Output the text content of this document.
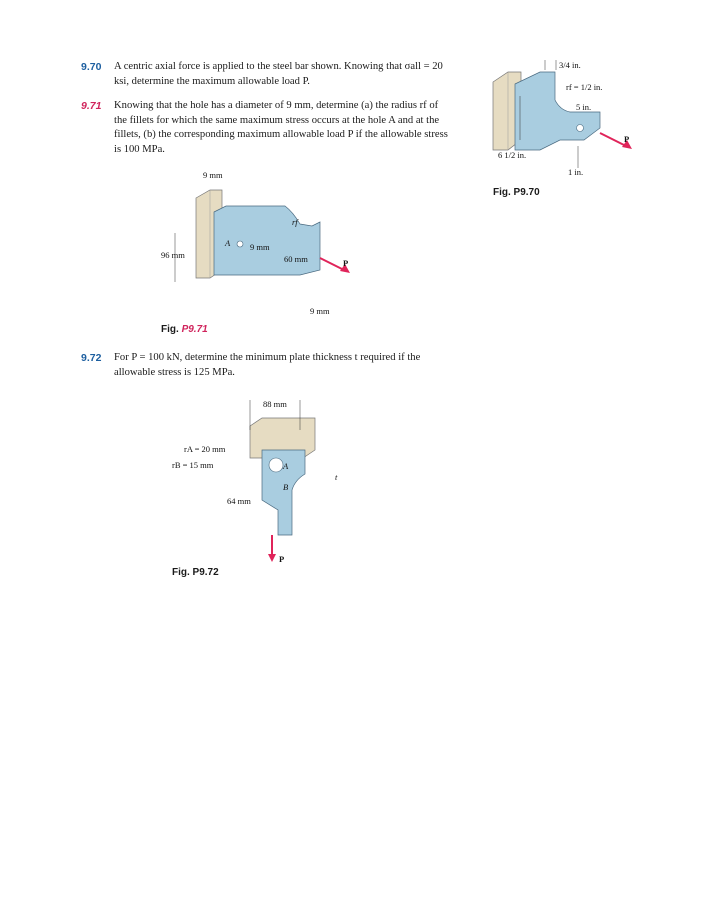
9.70 A centric axial force is applied to the steel bar shown. Knowing that σall = 20 ksi, determine the maximum allowable load P.
9.71 Knowing that the hole has a diameter of 9 mm, determine (a) the radius rf of the fillets for which the same maximum stress occurs at the hole A and at the fillets, (b) the corresponding maximum allowable load P if the allowable stress is 100 MPa.
9.72 For P = 100 kN, determine the minimum plate thickness t required if the allowable stress is 125 MPa.
P
3/4 in.
rf = 1/2 in.
5 in.
6 1/2 in.
1 in.
Fig. P9.70
P
9 mm
rf
A 9 mm
96 mm	60 mm
9 mm
Fig. P9.71
P
88 mm
rA = 20 mm
rB = 15 mm	A
B
64 mm
t
Fig. P9.72
